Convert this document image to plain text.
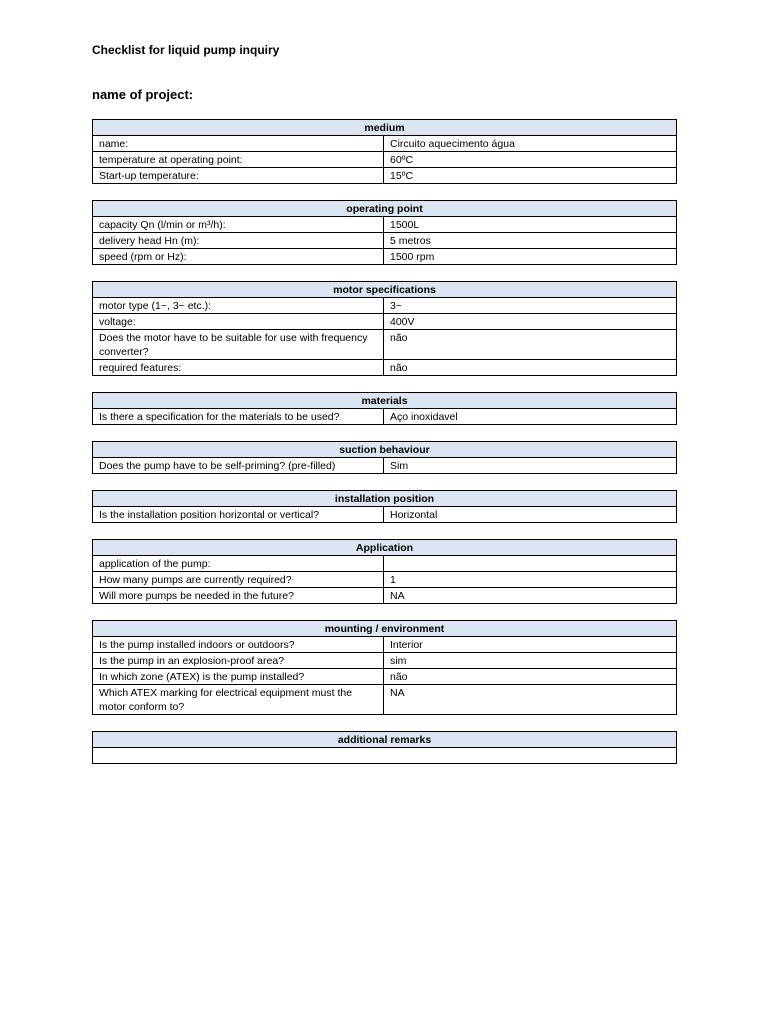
Checklist for liquid pump inquiry
name of project:
medium	
name:	Circuito aquecimento água
temperature at operating point:	60ºC
Start-up temperature:	15ºC
operating point	
capacity Qn (l/min or m³/h):	1500L
delivery head Hn (m):	5 metros
speed (rpm or Hz):	1500 rpm
motor specifications	
motor type (1~, 3~ etc.):	3~
voltage:	400V
Does the motor have to be suitable for use with frequency converter?	não
required features:	não
materials
Is there a specification for the materials to be used?	Aço inoxidavel
suction behaviour
Does the pump have to be self-priming? (pre-filled)	Sim
installation position
Is the installation position horizontal or vertical?	Horizontal
Application	
application of the pump:	
How many pumps are currently required?	1
Will more pumps be needed in the future?	NA
mounting / environment	
Is the pump installed indoors or outdoors?	Interior
Is the pump in an explosion-proof area?	sim
In which zone (ATEX) is the pump installed?	não
Which ATEX marking for electrical equipment must the motor conform to?	NA
additional remarks
